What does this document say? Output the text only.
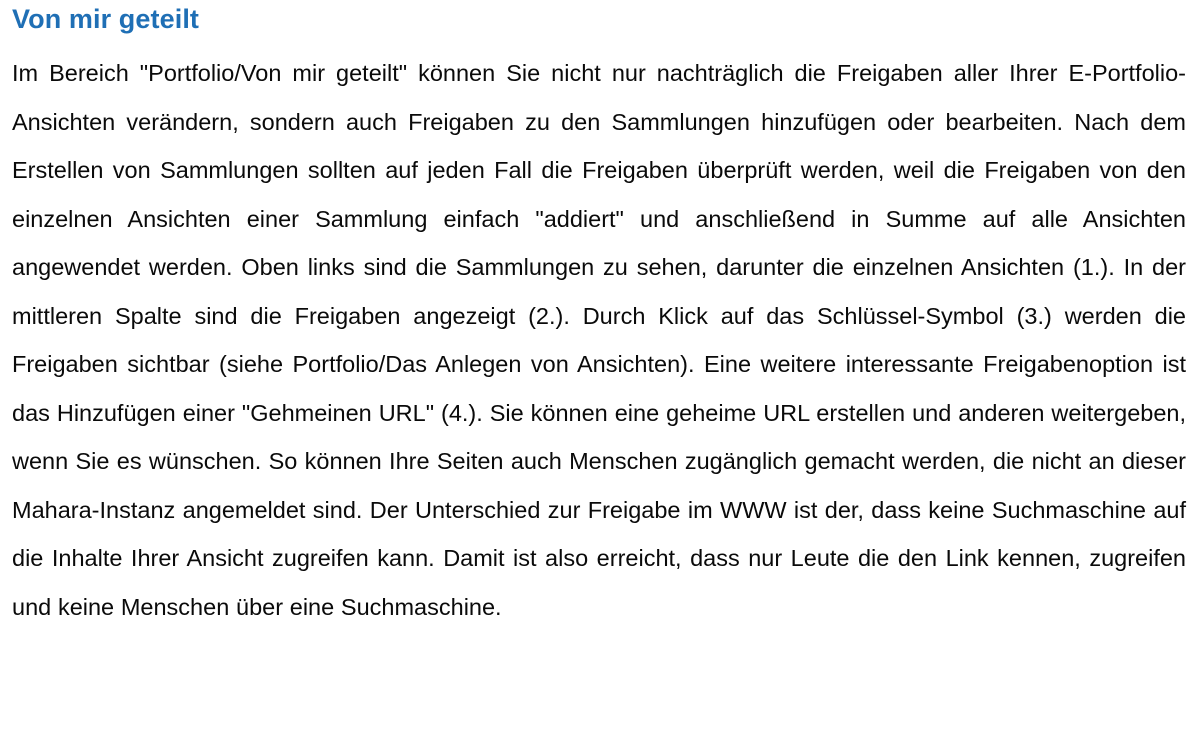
Von mir geteilt

Im Bereich "Portfolio/Von mir geteilt" können Sie nicht nur nachträglich die Freigaben aller Ihrer E-Portfolio-Ansichten verändern, sondern auch Freigaben zu den Sammlungen hinzufügen oder bearbeiten. Nach dem Erstellen von Sammlungen sollten auf jeden Fall die Freigaben überprüft werden, weil die Freigaben von den einzelnen Ansichten einer Sammlung einfach "addiert" und anschließend in Summe auf alle Ansichten angewendet werden. Oben links sind die Sammlungen zu sehen, darunter die einzelnen Ansichten (1.). In der mittleren Spalte sind die Freigaben angezeigt (2.). Durch Klick auf das Schlüssel-Symbol (3.) werden die Freigaben sichtbar (siehe Portfolio/Das Anlegen von Ansichten). Eine weitere interessante Freigabenoption ist das Hinzufügen einer "Gehmeinen URL" (4.). Sie können eine geheime URL erstellen und anderen weitergeben, wenn Sie es wünschen. So können Ihre Seiten auch Menschen zugänglich gemacht werden, die nicht an dieser Mahara-Instanz angemeldet sind. Der Unterschied zur Freigabe im WWW ist der, dass keine Suchmaschine auf die Inhalte Ihrer Ansicht zugreifen kann. Damit ist also erreicht, dass nur Leute die den Link kennen, zugreifen und keine Menschen über eine Suchmaschine.
